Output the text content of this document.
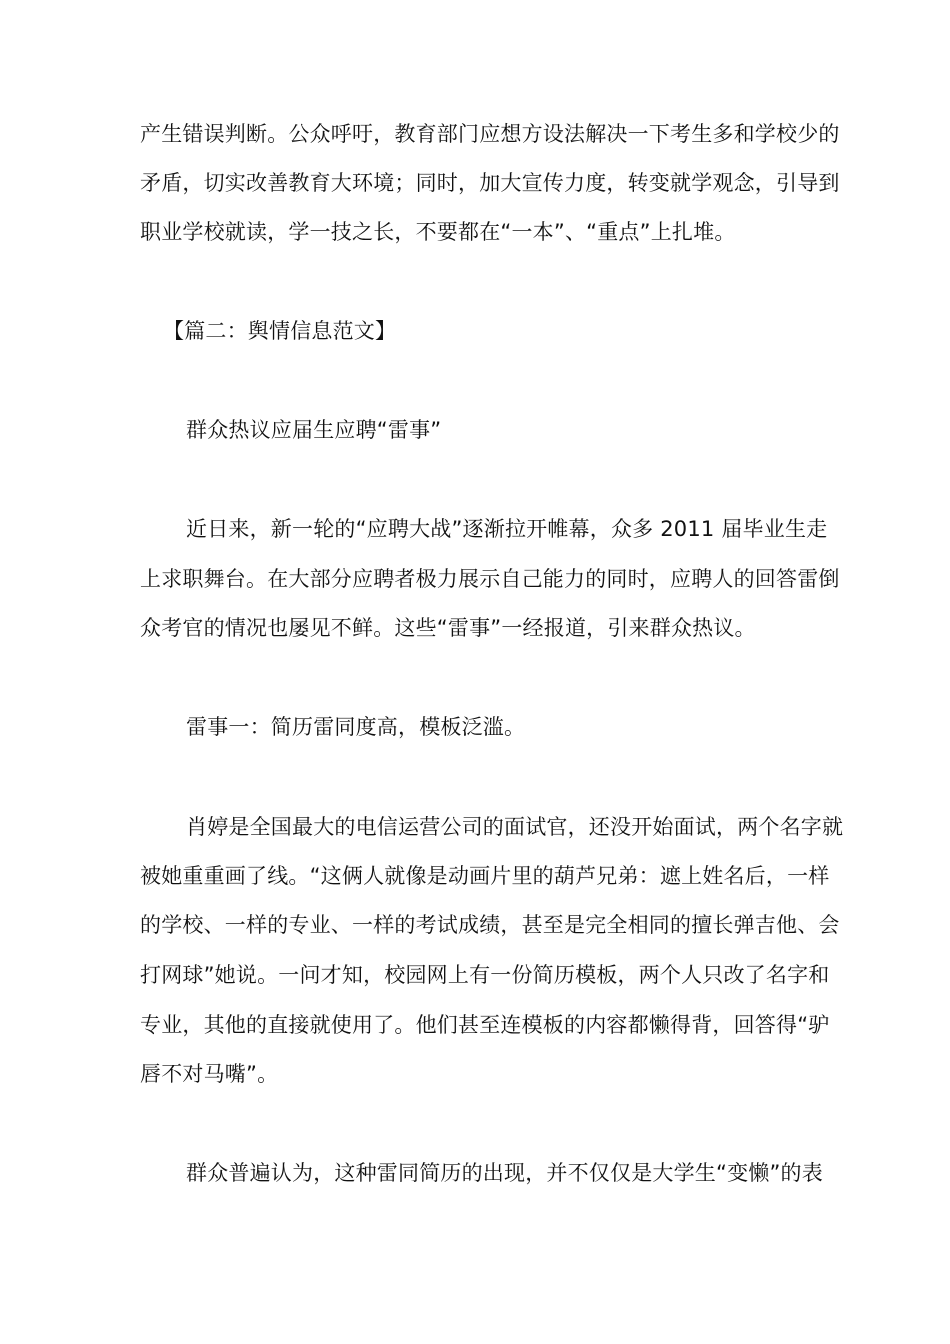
产生错误判断。公众呼吁，教育部门应想方设法解决一下考生多和学校少的
矛盾，切实改善教育大环境；同时，加大宣传力度，转变就学观念，引导到
职业学校就读，学一技之长，不要都在“一本”、“重点”上扎堆。
【篇二：舆情信息范文】
群众热议应届生应聘“雷事”
近日来，新一轮的“应聘大战”逐渐拉开帷幕，众多 2011 届毕业生走
上求职舞台。在大部分应聘者极力展示自己能力的同时，应聘人的回答雷倒
众考官的情况也屡见不鲜。这些“雷事”一经报道，引来群众热议。
雷事一：简历雷同度高，模板泛滥。
肖婷是全国最大的电信运营公司的面试官，还没开始面试，两个名字就
被她重重画了线。“这俩人就像是动画片里的葫芦兄弟：遮上姓名后，一样
的学校、一样的专业、一样的考试成绩，甚至是完全相同的擅长弹吉他、会
打网球”她说。一问才知，校园网上有一份简历模板，两个人只改了名字和
专业，其他的直接就使用了。他们甚至连模板的内容都懒得背，回答得“驴
唇不对马嘴”。
群众普遍认为，这种雷同简历的出现，并不仅仅是大学生“变懒”的表
